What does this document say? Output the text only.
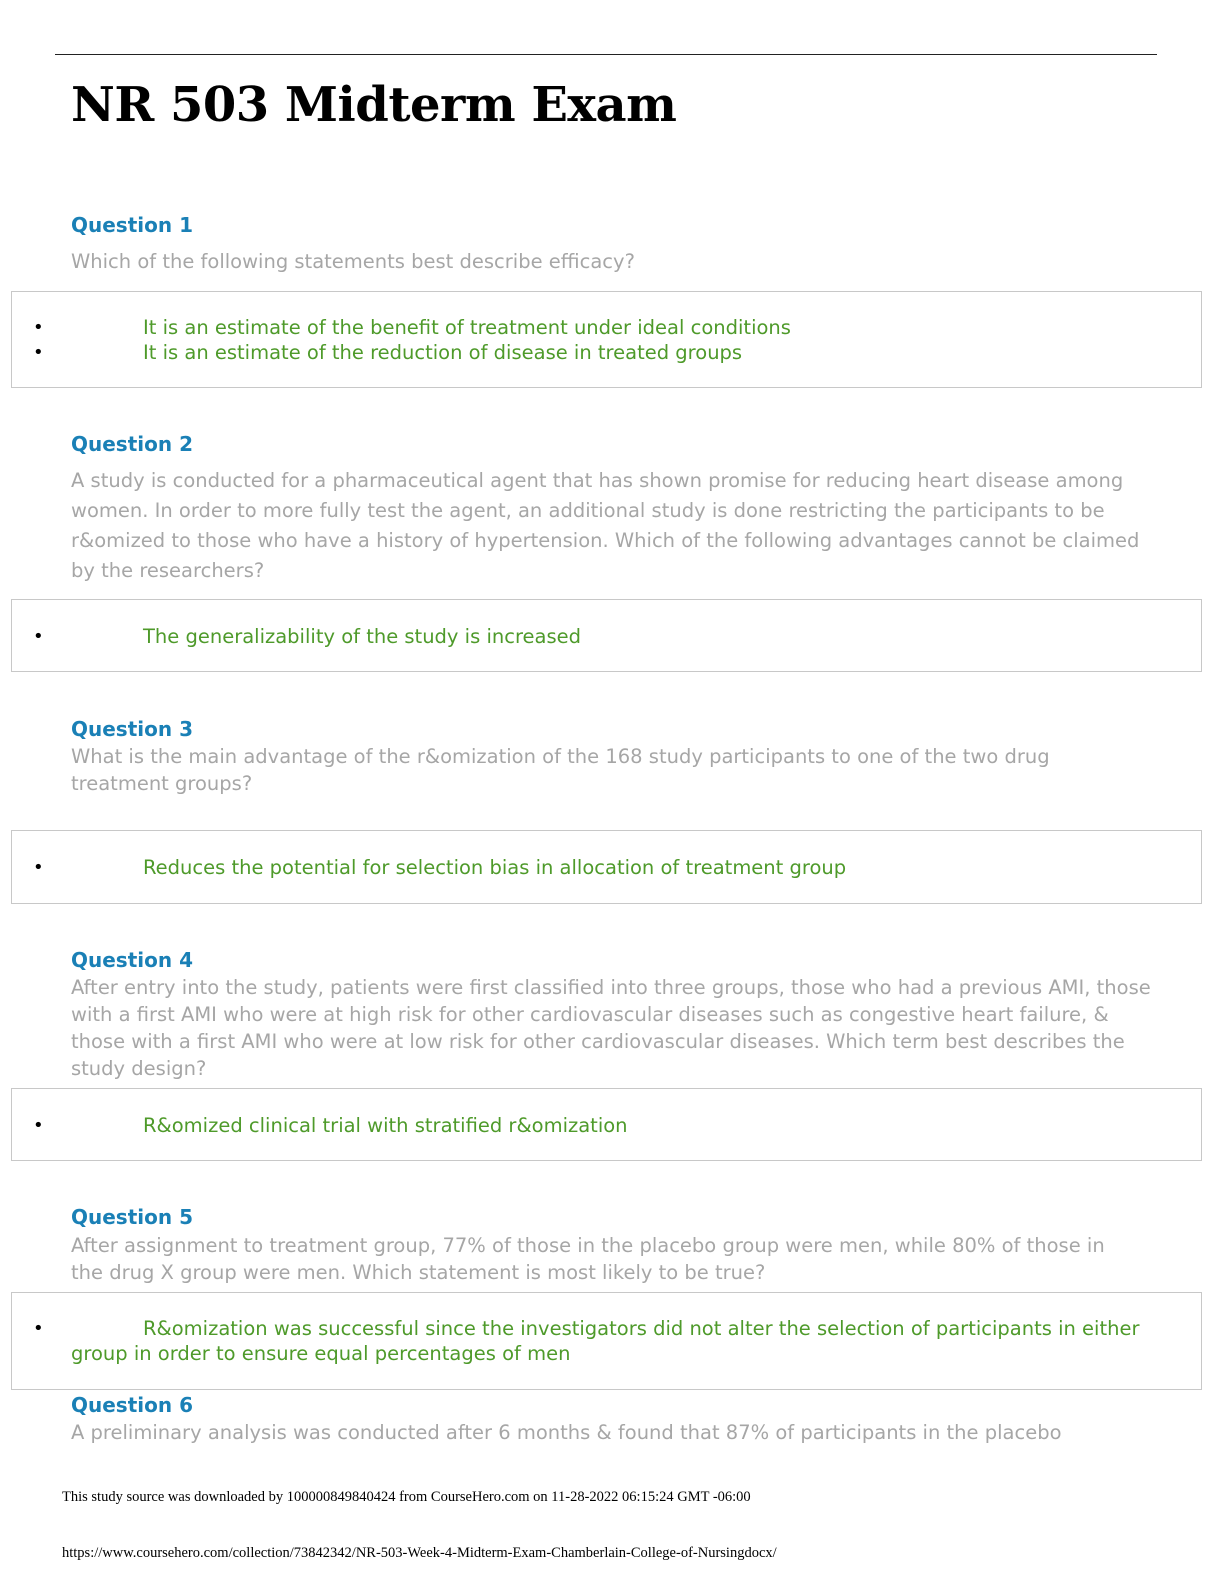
NR 503 Midterm Exam
Question 1
Which of the following statements best describe efficacy?
•	It is an estimate of the benefit of treatment under ideal conditions
•	It is an estimate of the reduction of disease in treated groups
Question 2
A study is conducted for a pharmaceutical agent that has shown promise for reducing heart disease among women. In order to more fully test the agent, an additional study is done restricting the participants to be r&omized to those who have a history of hypertension. Which of the following advantages cannot be claimed by the researchers?
•	The generalizability of the study is increased
Question 3
What is the main advantage of the r&omization of the 168 study participants to one of the two drug treatment groups?
•	Reduces the potential for selection bias in allocation of treatment group
Question 4
After entry into the study, patients were first classified into three groups, those who had a previous AMI, those with a first AMI who were at high risk for other cardiovascular diseases such as congestive heart failure, & those with a first AMI who were at low risk for other cardiovascular diseases. Which term best describes the study design?
•	R&omized clinical trial with stratified r&omization
Question 5
After assignment to treatment group, 77% of those in the placebo group were men, while 80% of those in the drug X group were men. Which statement is most likely to be true?
•	R&omization was successful since the investigators did not alter the selection of participants in either group in order to ensure equal percentages of men
Question 6
A preliminary analysis was conducted after 6 months & found that 87% of participants in the placebo
This study source was downloaded by 100000849840424 from CourseHero.com on 11-28-2022 06:15:24 GMT -06:00
https://www.coursehero.com/collection/73842342/NR-503-Week-4-Midterm-Exam-Chamberlain-College-of-Nursingdocx/
